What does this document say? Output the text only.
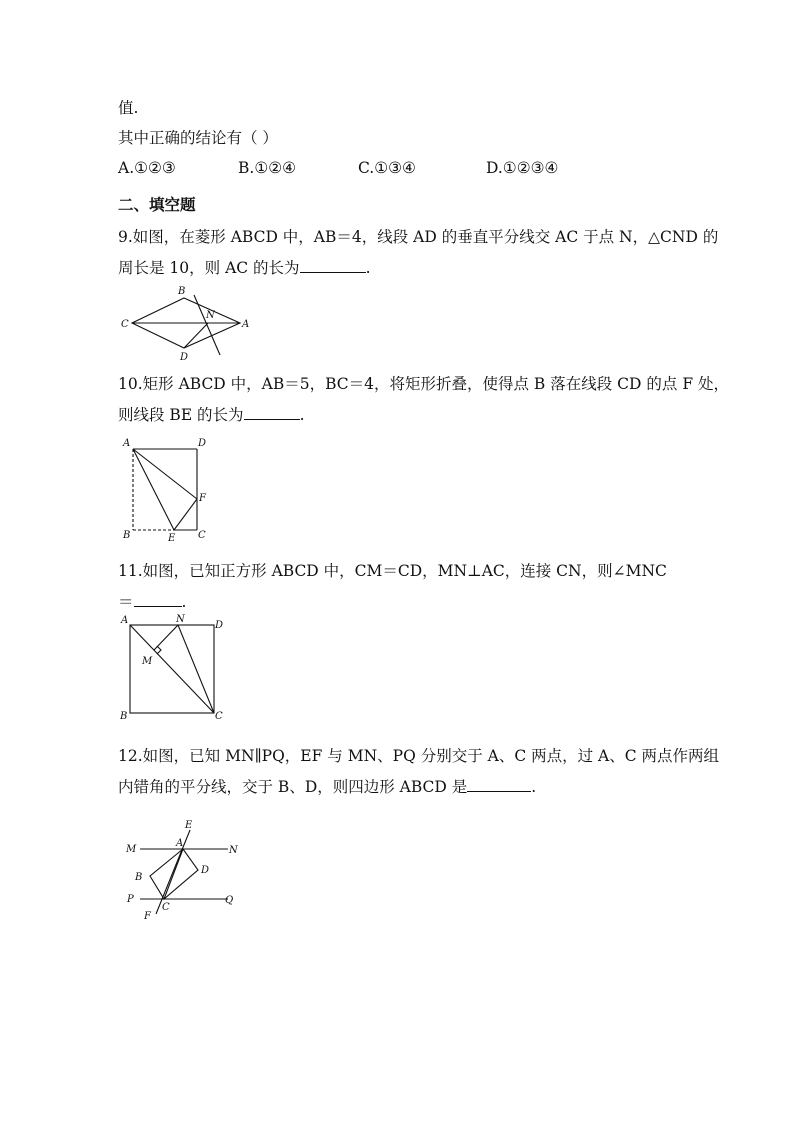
值.
其中正确的结论有（ ）
A.①②③	B.①②④	C.①③④	D.①②③④
二、填空题
9.如图，在菱形 ABCD 中，AB＝4，线段 AD 的垂直平分线交 AC 于点 N，△CND 的
周长是 10，则 AC 的长为	.
B
C
N
A
D
10.矩形 ABCD 中，AB＝5，BC＝4，将矩形折叠，使得点 B 落在线段 CD 的点 F 处，
则线段 BE 的长为	.
A	D
F
B	E C
11.如图，已知正方形 ABCD 中，CM＝CD，MN⊥AC，连接 CN，则∠MNC
＝	.
A	N
D
M
B	C
12.如图，已知 MN∥PQ，EF 与 MN、PQ 分别交于 A、C 两点，过 A、C 两点作两组
内错角的平分线，交于 B、D，则四边形 ABCD 是	.
E
A
M	N
B
D
P
C
Q
F
